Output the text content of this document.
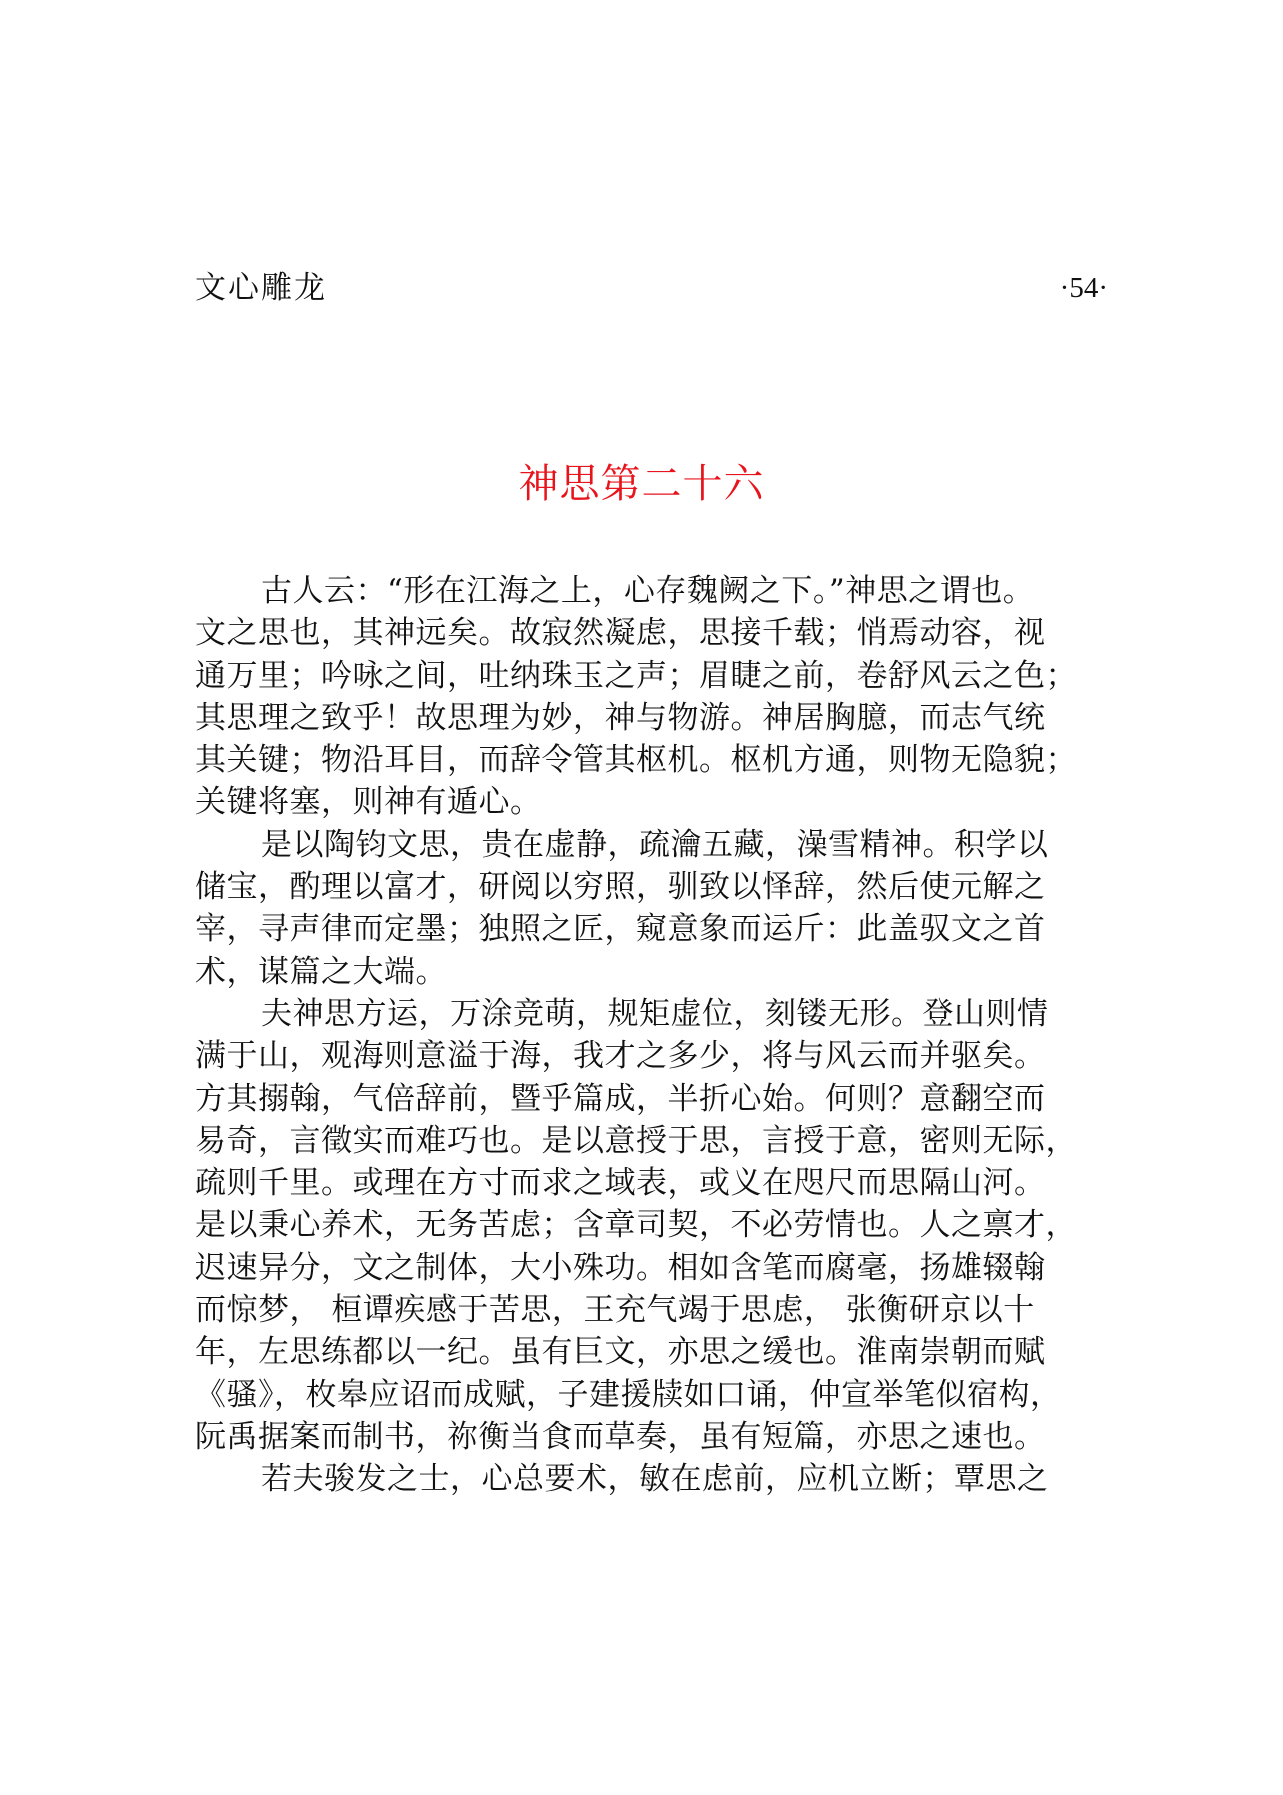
文心雕龙	·54·
神思第二十六
古人云：“形在江海之上，心存魏阙之下。”神思之谓也。
文之思也，其神远矣。故寂然凝虑，思接千载；悄焉动容，视
通万里；吟咏之间，吐纳珠玉之声；眉睫之前，卷舒风云之色；
其思理之致乎！故思理为妙，神与物游。神居胸臆，而志气统
其关键；物沿耳目，而辞令管其枢机。枢机方通，则物无隐貌；
关键将塞，则神有遁心。
是以陶钧文思，贵在虚静，疏瀹五藏，澡雪精神。积学以
储宝，酌理以富才，研阅以穷照，驯致以怿辞，然后使元解之
宰，寻声律而定墨；独照之匠，窥意象而运斤：此盖驭文之首
术，谋篇之大端。
夫神思方运，万涂竞萌，规矩虚位，刻镂无形。登山则情
满于山，观海则意溢于海，我才之多少，将与风云而并驱矣。
方其搦翰，气倍辞前，暨乎篇成，半折心始。何则？意翻空而
易奇，言徵实而难巧也。是以意授于思，言授于意，密则无际，
疏则千里。或理在方寸而求之域表，或义在咫尺而思隔山河。
是以秉心养术，无务苦虑；含章司契，不必劳情也。人之禀才，
迟速异分，文之制体，大小殊功。相如含笔而腐毫，扬雄辍翰
而惊梦， 桓谭疾感于苦思，王充气竭于思虑， 张衡研京以十
年，左思练都以一纪。虽有巨文，亦思之缓也。淮南崇朝而赋
《骚》，枚皋应诏而成赋，子建援牍如口诵，仲宣举笔似宿构，
阮禹据案而制书，祢衡当食而草奏，虽有短篇，亦思之速也。
若夫骏发之士，心总要术，敏在虑前，应机立断；覃思之
